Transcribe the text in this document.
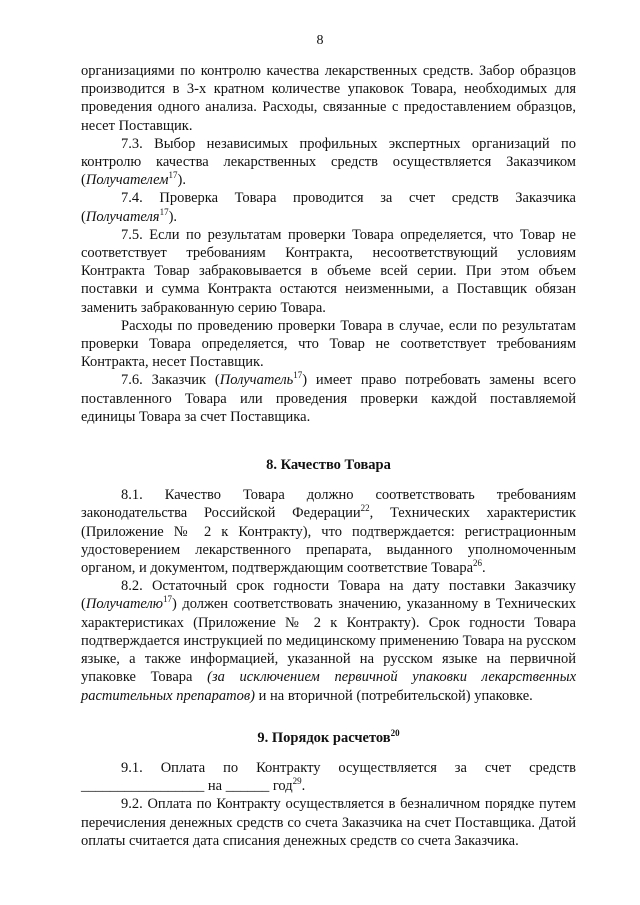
8

организациями по контролю качества лекарственных средств. Забор образцов производится в 3-х кратном количестве упаковок Товара, необходимых для проведения одного анализа. Расходы, связанные с предоставлением образцов, несет Поставщик.

7.3. Выбор независимых профильных экспертных организаций по контролю качества лекарственных средств осуществляется Заказчиком (Получателем$^{17}$).

7.4. Проверка Товара проводится за счет средств Заказчика (Получателя$^{17}$).

7.5. Если по результатам проверки Товара определяется, что Товар не соответствует требованиям Контракта, несоответствующий условиям Контракта Товар забраковывается в объеме всей серии. При этом объем поставки и сумма Контракта остаются неизменными, а Поставщик обязан заменить забракованную серию Товара.

Расходы по проведению проверки Товара в случае, если по результатам проверки Товара определяется, что Товар не соответствует требованиям Контракта, несет Поставщик.

7.6. Заказчик (Получатель$^{17}$) имеет право потребовать замены всего поставленного Товара или проведения проверки каждой поставляемой единицы Товара за счет Поставщика.

8. Качество Товара

8.1. Качество Товара должно соответствовать требованиям законодательства Российской Федерации$^{22}$, Технических характеристик (Приложение № 2 к Контракту), что подтверждается: регистрационным удостоверением лекарственного препарата, выданного уполномоченным органом, и документом, подтверждающим соответствие Товара$^{26}$.

8.2. Остаточный срок годности Товара на дату поставки Заказчику (Получателю$^{17}$) должен соответствовать значению, указанному в Технических характеристиках (Приложение № 2 к Контракту). Срок годности Товара подтверждается инструкцией по медицинскому применению Товара на русском языке, а также информацией, указанной на русском языке на первичной упаковке Товара (за исключением первичной упаковки лекарственных растительных препаратов) и на вторичной (потребительской) упаковке.

9. Порядок расчетов$^{20}$

9.1. Оплата по Контракту осуществляется за счет средств _________________ на ______ год$^{29}$.

9.2. Оплата по Контракту осуществляется в безналичном порядке путем перечисления денежных средств со счета Заказчика на счет Поставщика. Датой оплаты считается дата списания денежных средств со счета Заказчика.
